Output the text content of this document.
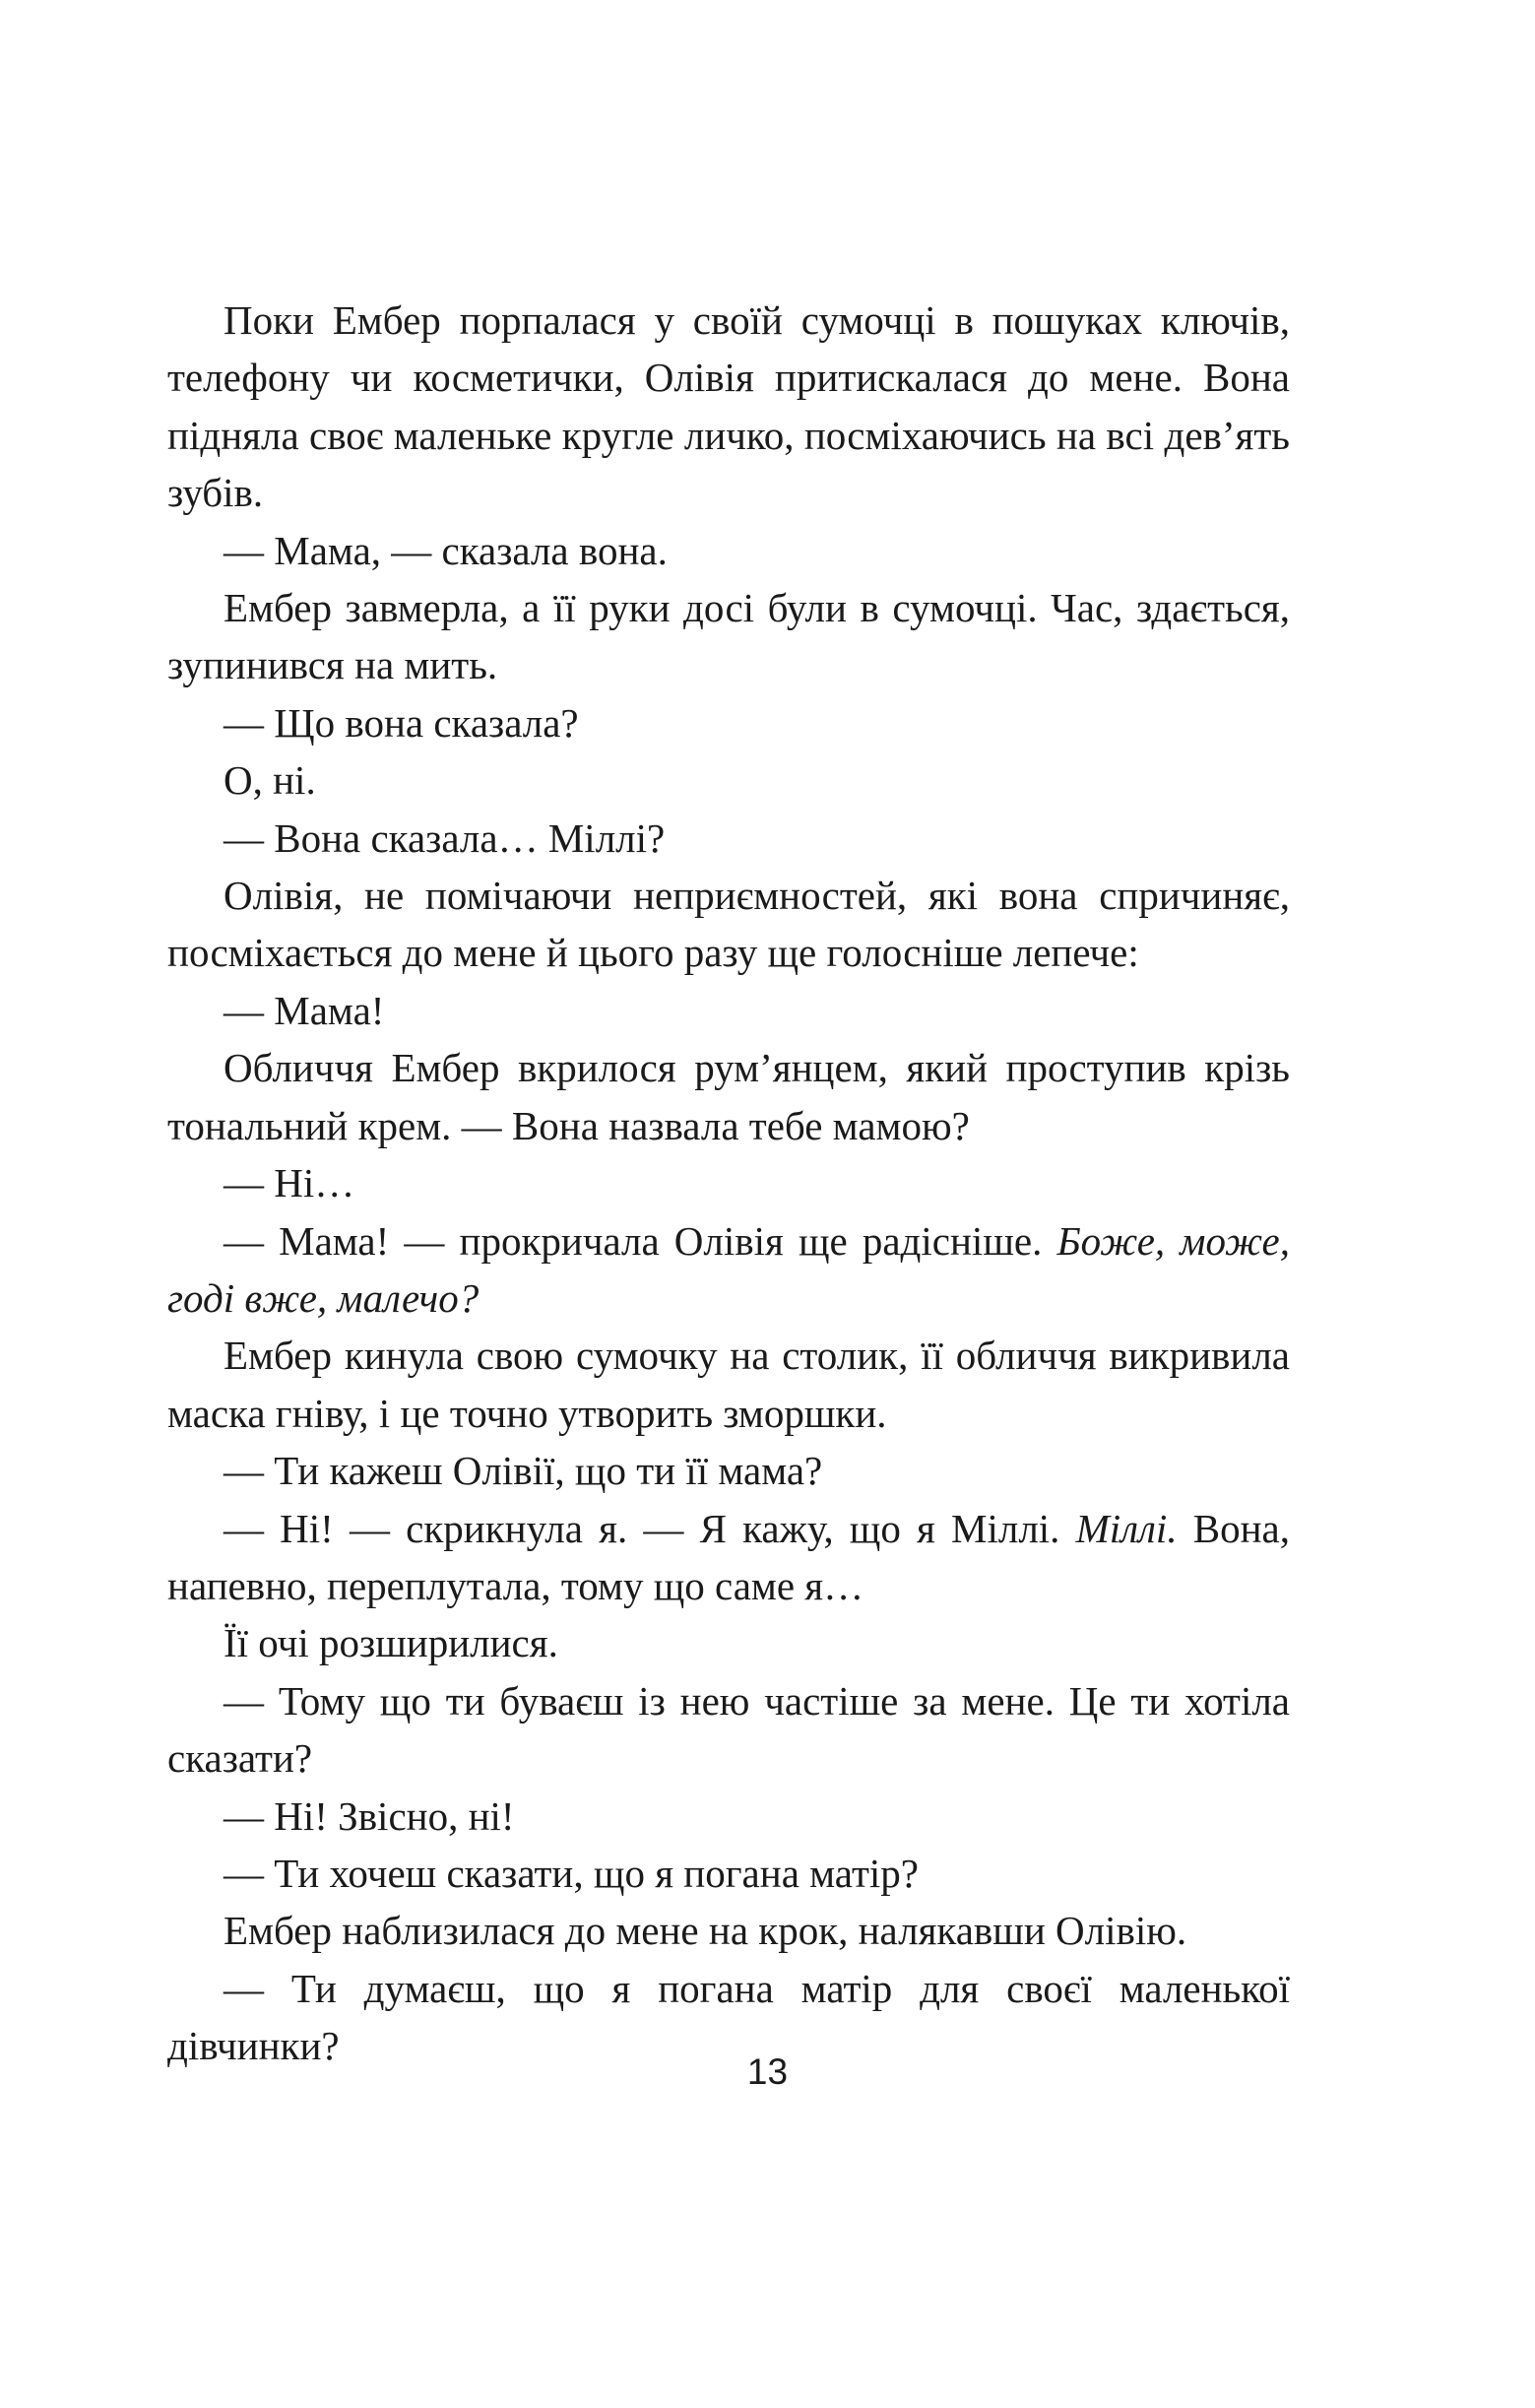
Поки Ембер порпалася у своїй сумочці в пошуках ключів, телефону чи косметички, Олівія притискалася до мене. Вона підняла своє маленьке кругле личко, посміхаючись на всі дев’ять зубів.

— Мама, — сказала вона.

Ембер завмерла, а її руки досі були в сумочці. Час, здається, зупинився на мить.

— Що вона сказала?

О, ні.

— Вона сказала… Міллі?

Олівія, не помічаючи неприємностей, які вона спричиняє, посміхається до мене й цього разу ще голосніше лепече:

— Мама!

Обличчя Ембер вкрилося рум’янцем, який проступив крізь тональний крем. — Вона назвала тебе мамою?

— Ні…

— Мама! — прокричала Олівія ще радісніше. Боже, може, годі вже, малечо?

Ембер кинула свою сумочку на столик, її обличчя викривила маска гніву, і це точно утворить зморшки.

— Ти кажеш Олівії, що ти її мама?

— Ні! — скрикнула я. — Я кажу, що я Міллі. Міллі. Вона, напевно, переплутала, тому що саме я…

Її очі розширилися.

— Тому що ти буваєш із нею частіше за мене. Це ти хотіла сказати?

— Ні! Звісно, ні!

— Ти хочеш сказати, що я погана матір?

Ембер наблизилася до мене на крок, налякавши Олівію.

— Ти думаєш, що я погана матір для своєї маленької дівчинки?

13
